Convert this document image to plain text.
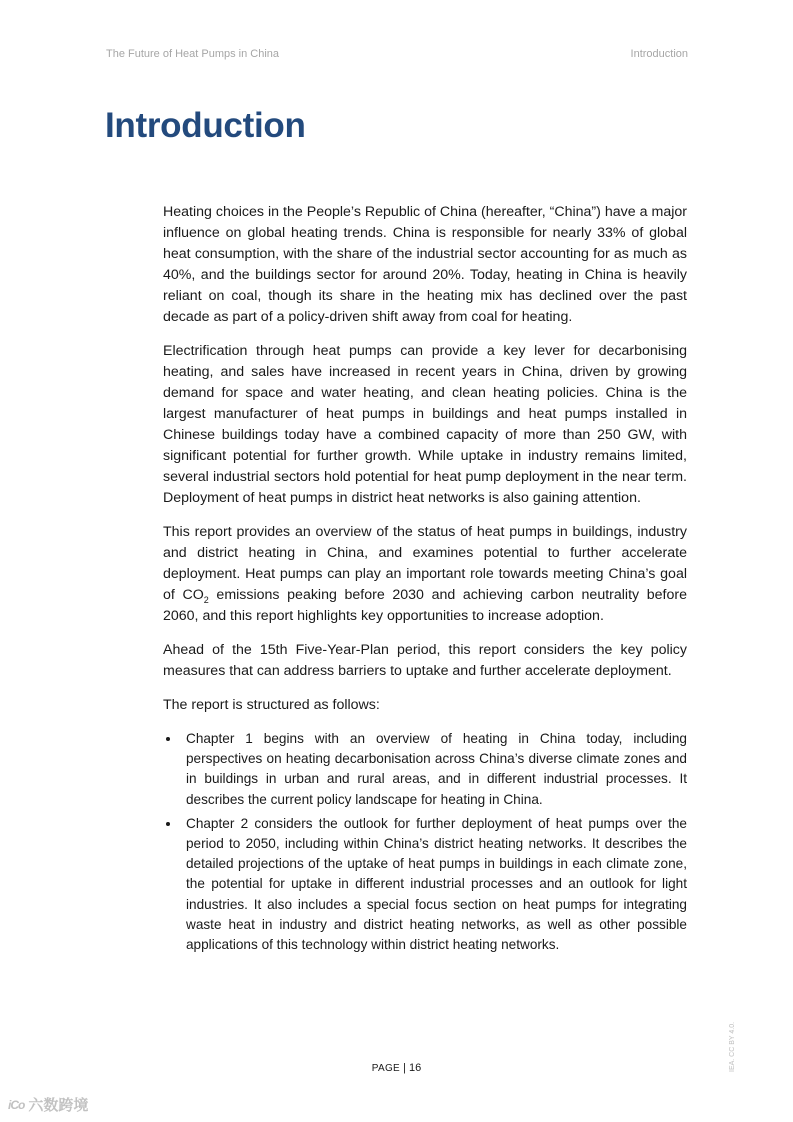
The Future of Heat Pumps in China	Introduction
Introduction

Heating choices in the People’s Republic of China (hereafter, “China”) have a major influence on global heating trends. China is responsible for nearly 33% of global heat consumption, with the share of the industrial sector accounting for as much as 40%, and the buildings sector for around 20%. Today, heating in China is heavily reliant on coal, though its share in the heating mix has declined over the past decade as part of a policy-driven shift away from coal for heating.

Electrification through heat pumps can provide a key lever for decarbonising heating, and sales have increased in recent years in China, driven by growing demand for space and water heating, and clean heating policies. China is the largest manufacturer of heat pumps in buildings and heat pumps installed in Chinese buildings today have a combined capacity of more than 250 GW, with significant potential for further growth. While uptake in industry remains limited, several industrial sectors hold potential for heat pump deployment in the near term. Deployment of heat pumps in district heat networks is also gaining attention.

This report provides an overview of the status of heat pumps in buildings, industry and district heating in China, and examines potential to further accelerate deployment. Heat pumps can play an important role towards meeting China’s goal of $CO_2$ emissions peaking before 2030 and achieving carbon neutrality before 2060, and this report highlights key opportunities to increase adoption.

Ahead of the 15th Five-Year-Plan period, this report considers the key policy measures that can address barriers to uptake and further accelerate deployment.

The report is structured as follows:

Chapter 1 begins with an overview of heating in China today, including perspectives on heating decarbonisation across China’s diverse climate zones and in buildings in urban and rural areas, and in different industrial processes. It describes the current policy landscape for heating in China.
Chapter 2 considers the outlook for further deployment of heat pumps over the period to 2050, including within China’s district heating networks. It describes the detailed projections of the uptake of heat pumps in buildings in each climate zone, the potential for uptake in different industrial processes and an outlook for light industries. It also includes a special focus section on heat pumps for integrating waste heat in industry and district heating networks, as well as other possible applications of this technology within district heating networks.
PAGE | 16	IEA. CC BY 4.0.
iCo 六数跨境
